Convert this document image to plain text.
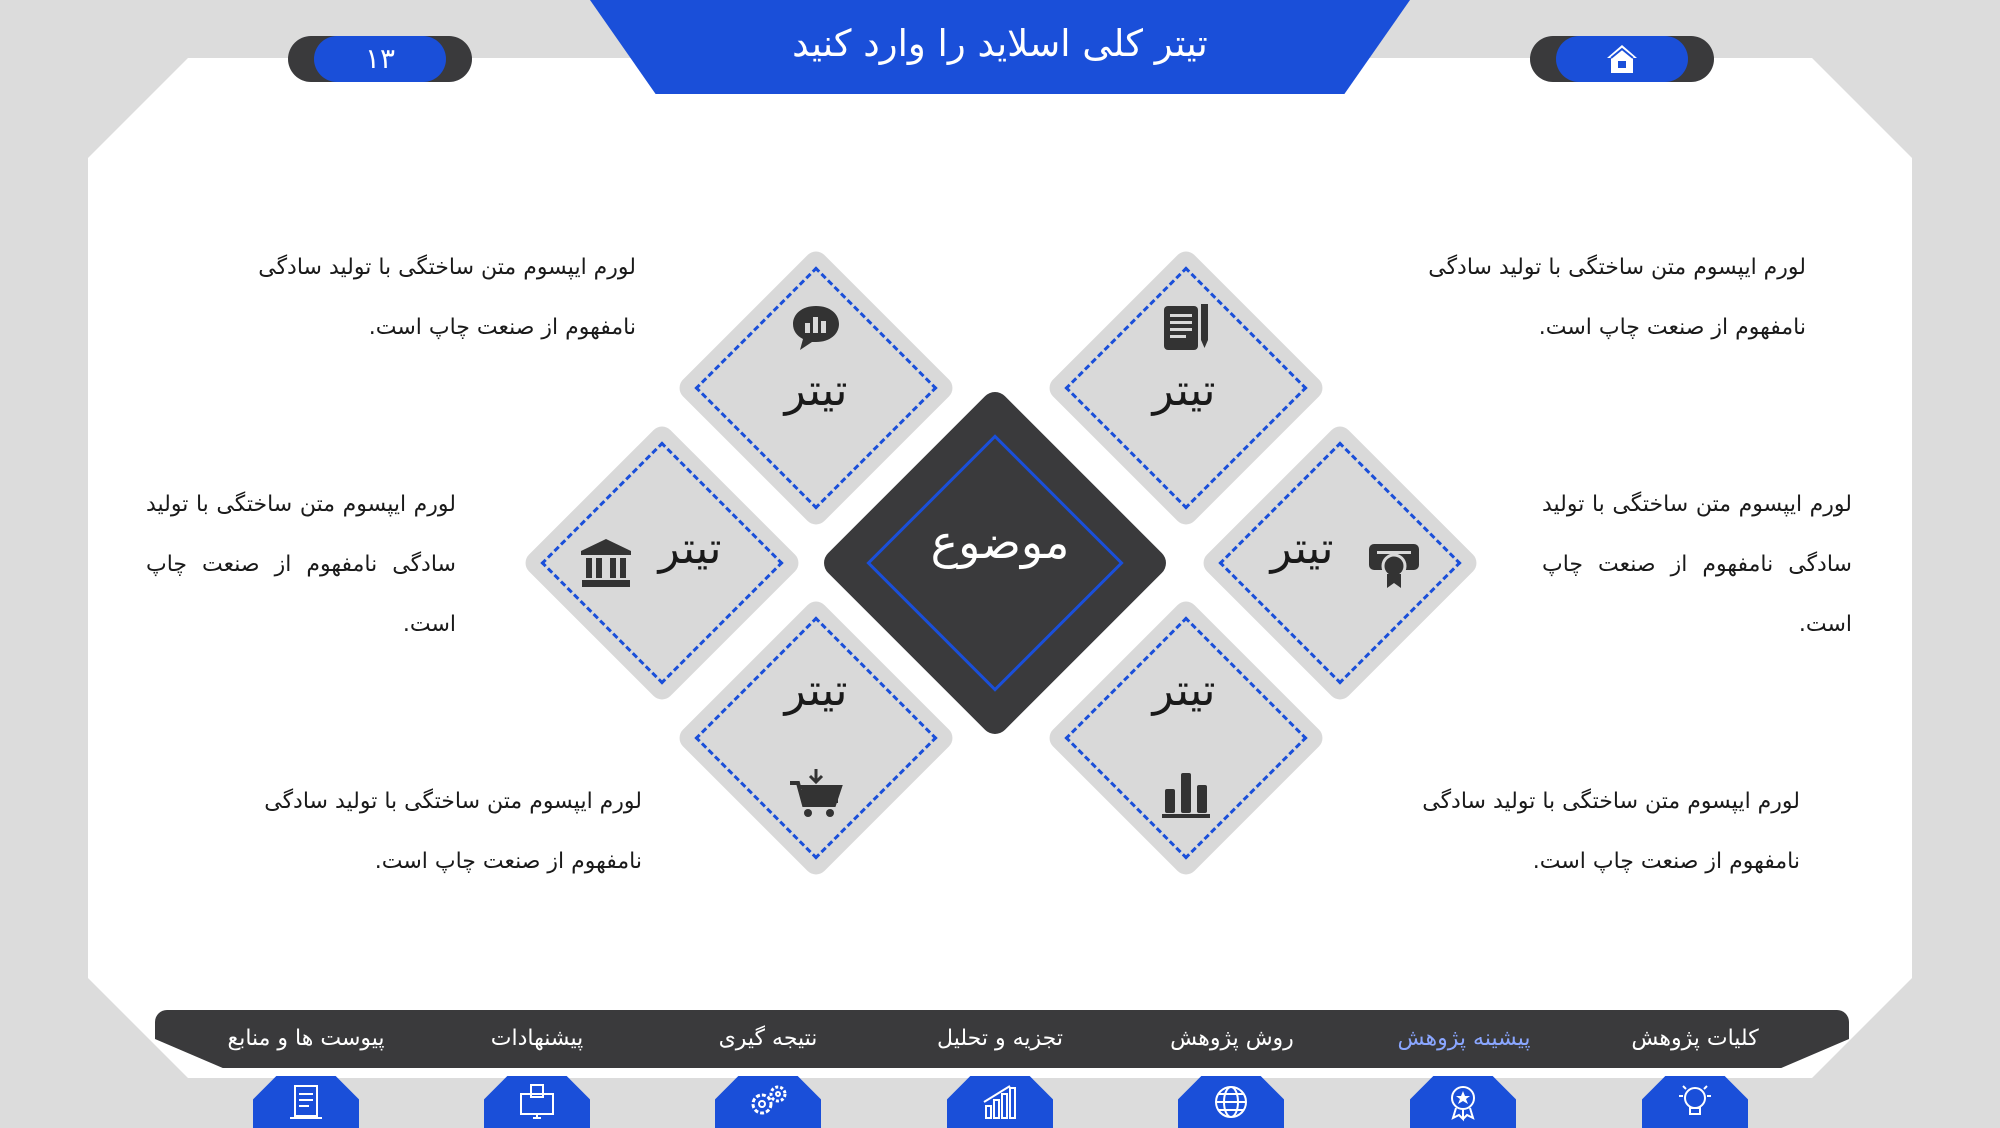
تیتر کلی اسلاید را وارد کنید
۱۳
موضوع
تیتر	تیتر
تیتر	تیتر
تیتر	تیتر
لورم ایپسوم متن ساختگی با تولید سادگی نامفهوم از صنعت چاپ است.
لورم ایپسوم متن ساختگی با تولید سادگی نامفهوم از صنعت چاپ است.
لورم ایپسوم متن ساختگی با تولید سادگی نامفهوم از صنعت چاپ است.
لورم ایپسوم متن ساختگی با تولید سادگی نامفهوم از صنعت چاپ است.
لورم ایپسوم متن ساختگی با تولید سادگی نامفهوم از صنعت چاپ است.
لورم ایپسوم متن ساختگی با تولید سادگی نامفهوم از صنعت چاپ است.
کلیات پژوهش
پیشینه پژوهش
روش پژوهش
تجزیه و تحلیل
نتیجه گیری
پیشنهادات
پیوست ها و منابع
